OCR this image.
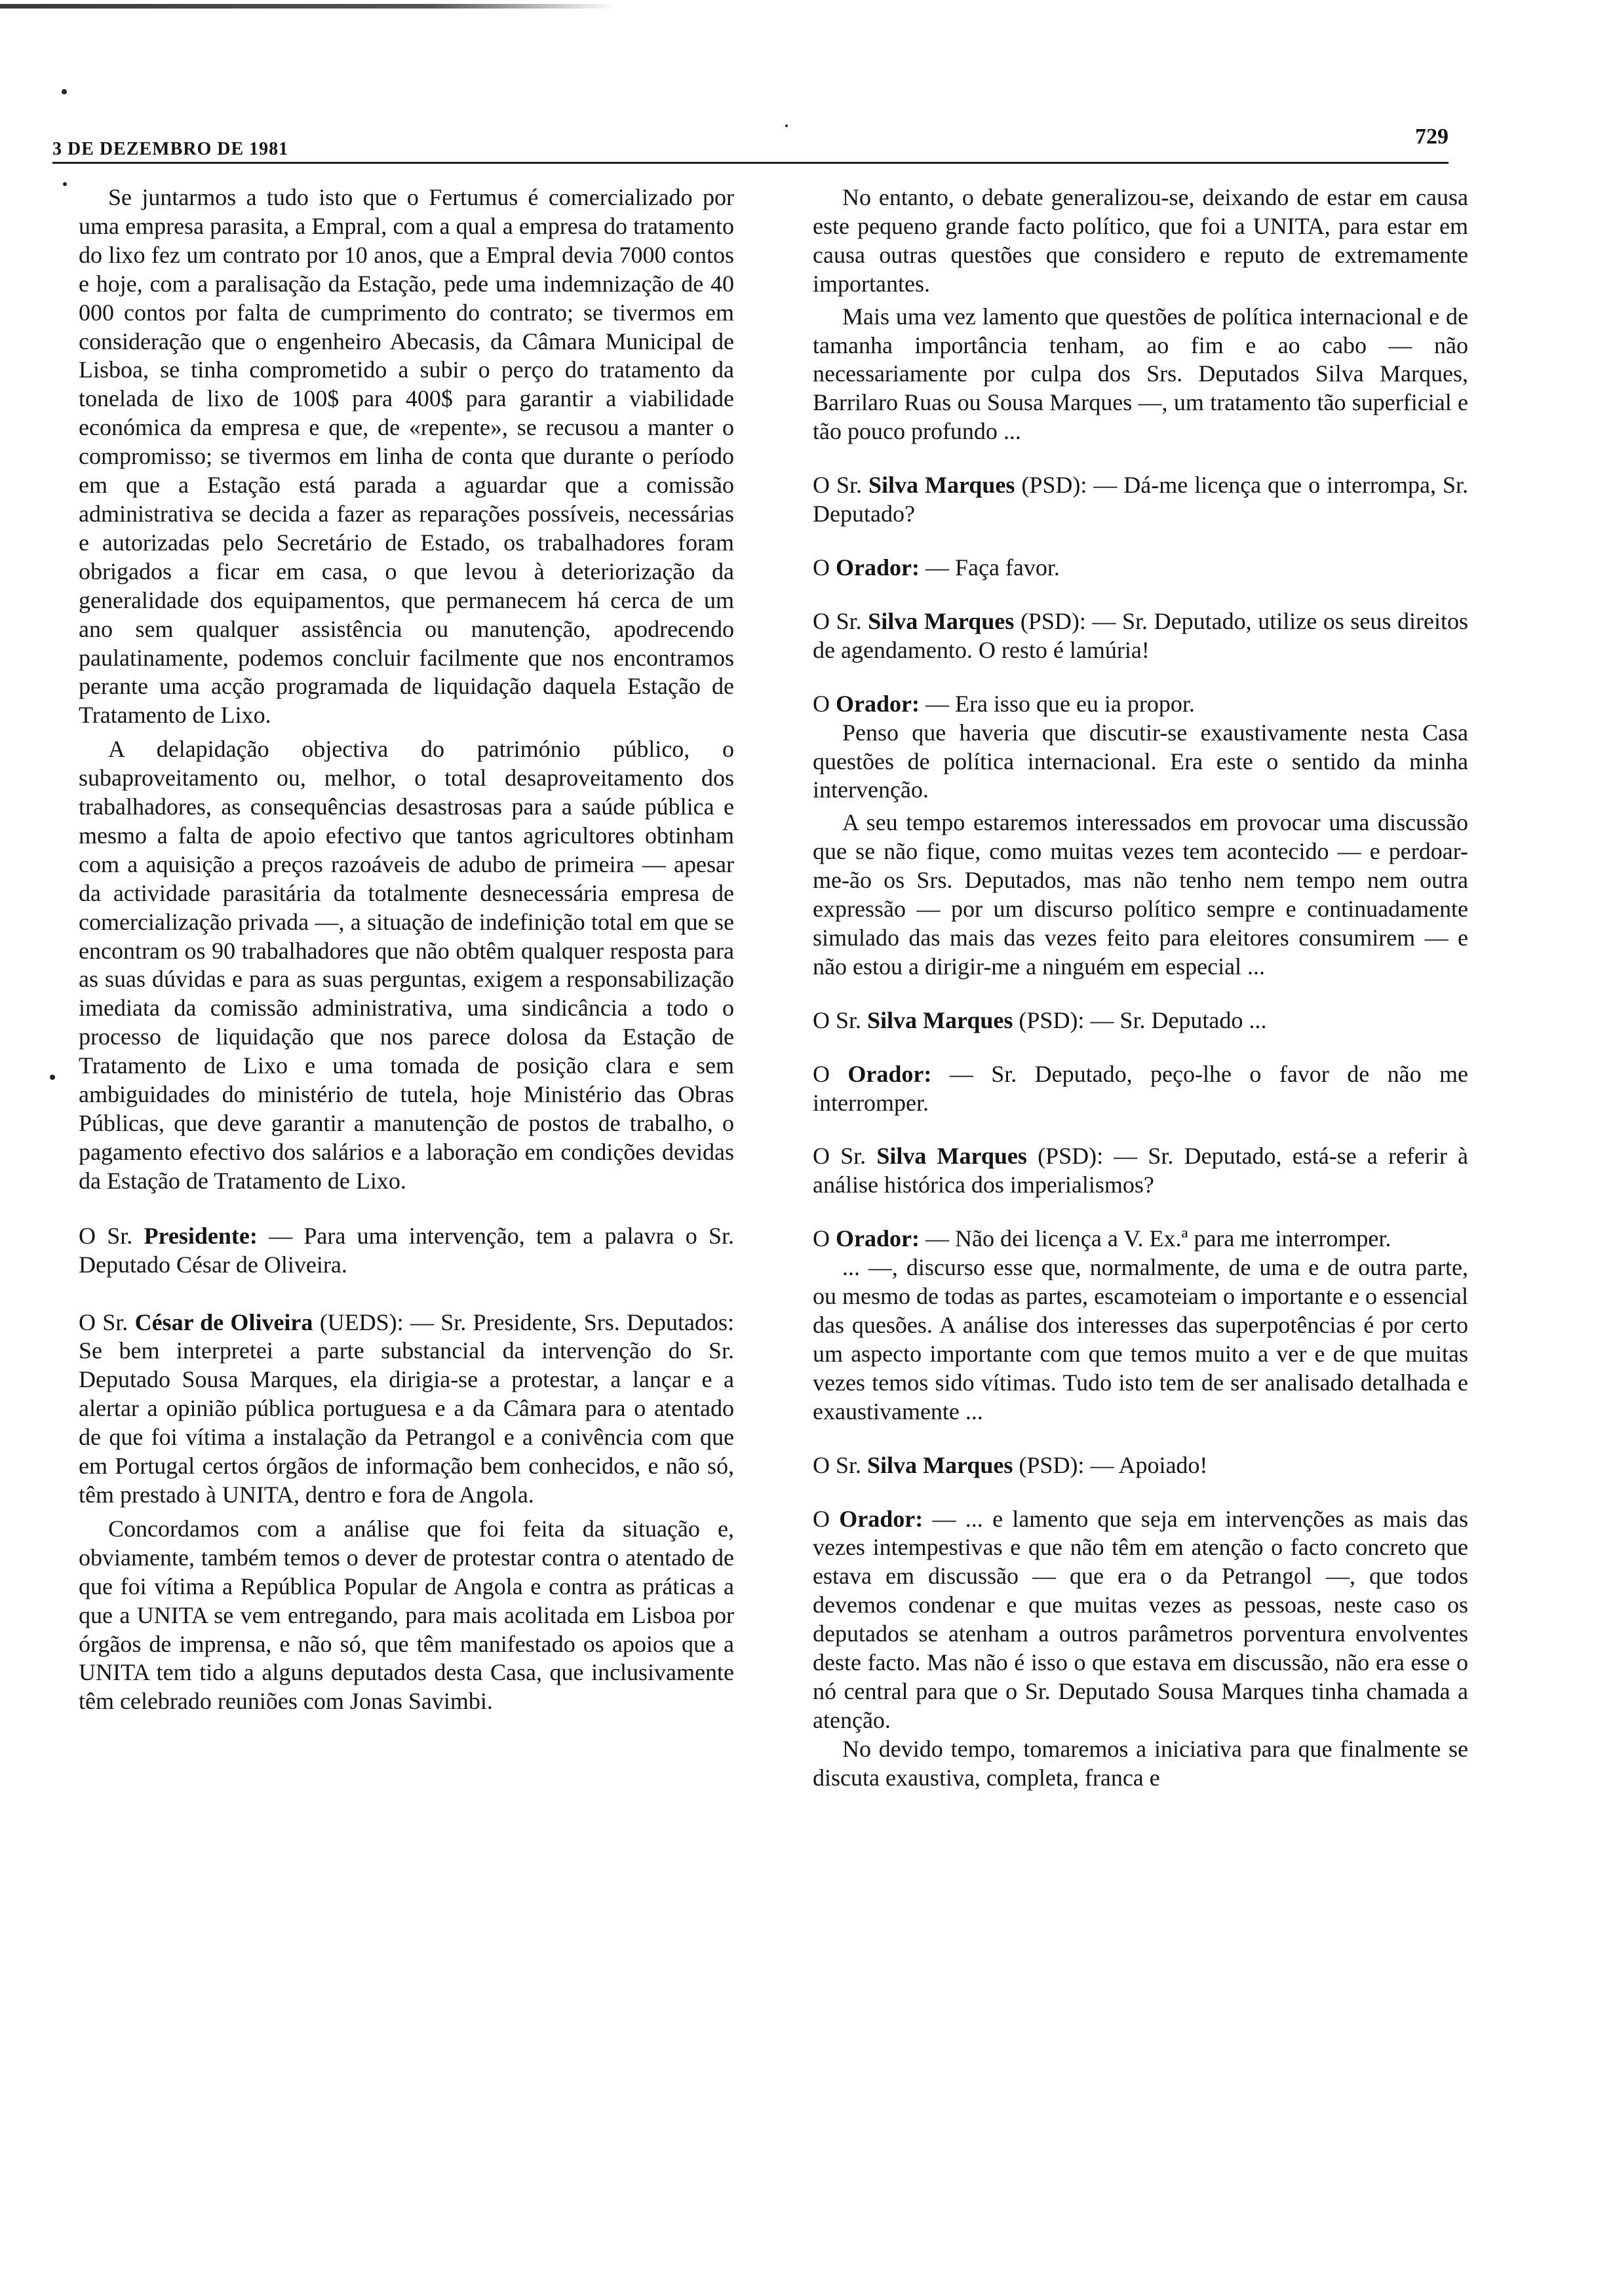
3 DE DEZEMBRO DE 1981
729

Se juntarmos a tudo isto que o Fertumus é comercializado por uma empresa parasita, a Empral, com a qual a empresa do tratamento do lixo fez um contrato por 10 anos, que a Empral devia 7000 contos e hoje, com a paralisação da Estação, pede uma indemnização de 40 000 contos por falta de cumprimento do contrato; se tivermos em consideração que o engenheiro Abecasis, da Câmara Municipal de Lisboa, se tinha comprometido a subir o perço do tratamento da tonelada de lixo de 100$ para 400$ para garantir a viabilidade económica da empresa e que, de «repente», se recusou a manter o compromisso; se tivermos em linha de conta que durante o período em que a Estação está parada a aguardar que a comissão administrativa se decida a fazer as reparações possíveis, necessárias e autorizadas pelo Secretário de Estado, os trabalhadores foram obrigados a ficar em casa, o que levou à deteriorização da generalidade dos equipamentos, que permanecem há cerca de um ano sem qualquer assistência ou manutenção, apodrecendo paulatinamente, podemos concluir facilmente que nos encontramos perante uma acção programada de liquidação daquela Estação de Tratamento de Lixo.

A delapidação objectiva do património público, o subaproveitamento ou, melhor, o total desaproveitamento dos trabalhadores, as consequências desastrosas para a saúde pública e mesmo a falta de apoio efectivo que tantos agricultores obtinham com a aquisição a preços razoáveis de adubo de primeira — apesar da actividade parasitária da totalmente desnecessária empresa de comercialização privada —, a situação de indefinição total em que se encontram os 90 trabalhadores que não obtêm qualquer resposta para as suas dúvidas e para as suas perguntas, exigem a responsabilização imediata da comissão administrativa, uma sindicância a todo o processo de liquidação que nos parece dolosa da Estação de Tratamento de Lixo e uma tomada de posição clara e sem ambiguidades do ministério de tutela, hoje Ministério das Obras Públicas, que deve garantir a manutenção de postos de trabalho, o pagamento efectivo dos salários e a laboração em condições devidas da Estação de Tratamento de Lixo.

O Sr. Presidente: — Para uma intervenção, tem a palavra o Sr. Deputado César de Oliveira.

O Sr. César de Oliveira (UEDS): — Sr. Presidente, Srs. Deputados: Se bem interpretei a parte substancial da intervenção do Sr. Deputado Sousa Marques, ela dirigia-se a protestar, a lançar e a alertar a opinião pública portuguesa e a da Câmara para o atentado de que foi vítima a instalação da Petrangol e a conivência com que em Portugal certos órgãos de informação bem conhecidos, e não só, têm prestado à UNITA, dentro e fora de Angola.

Concordamos com a análise que foi feita da situação e, obviamente, também temos o dever de protestar contra o atentado de que foi vítima a República Popular de Angola e contra as práticas a que a UNITA se vem entregando, para mais acolitada em Lisboa por órgãos de imprensa, e não só, que têm manifestado os apoios que a UNITA tem tido a alguns deputados desta Casa, que inclusivamente têm celebrado reuniões com Jonas Savimbi.

No entanto, o debate generalizou-se, deixando de estar em causa este pequeno grande facto político, que foi a UNITA, para estar em causa outras questões que considero e reputo de extremamente importantes.

Mais uma vez lamento que questões de política internacional e de tamanha importância tenham, ao fim e ao cabo — não necessariamente por culpa dos Srs. Deputados Silva Marques, Barrilaro Ruas ou Sousa Marques —, um tratamento tão superficial e tão pouco profundo ...

O Sr. Silva Marques (PSD): — Dá-me licença que o interrompa, Sr. Deputado?

O Orador: — Faça favor.

O Sr. Silva Marques (PSD): — Sr. Deputado, utilize os seus direitos de agendamento. O resto é lamúria!

O Orador: — Era isso que eu ia propor.

Penso que haveria que discutir-se exaustivamente nesta Casa questões de política internacional. Era este o sentido da minha intervenção.

A seu tempo estaremos interessados em provocar uma discussão que se não fique, como muitas vezes tem acontecido — e perdoar-me-ão os Srs. Deputados, mas não tenho nem tempo nem outra expressão — por um discurso político sempre e continuadamente simulado das mais das vezes feito para eleitores consumirem — e não estou a dirigir-me a ninguém em especial ...

O Sr. Silva Marques (PSD): — Sr. Deputado ...

O Orador: — Sr. Deputado, peço-lhe o favor de não me interromper.

O Sr. Silva Marques (PSD): — Sr. Deputado, está-se a referir à análise histórica dos imperialismos?

O Orador: — Não dei licença a V. Ex.ª para me interromper.

... —, discurso esse que, normalmente, de uma e de outra parte, ou mesmo de todas as partes, escamoteiam o importante e o essencial das quesões. A análise dos interesses das superpotências é por certo um aspecto importante com que temos muito a ver e de que muitas vezes temos sido vítimas. Tudo isto tem de ser analisado detalhada e exaustivamente ...

O Sr. Silva Marques (PSD): — Apoiado!

O Orador: — ... e lamento que seja em intervenções as mais das vezes intempestivas e que não têm em atenção o facto concreto que estava em discussão — que era o da Petrangol —, que todos devemos condenar e que muitas vezes as pessoas, neste caso os deputados se atenham a outros parâmetros porventura envolventes deste facto. Mas não é isso o que estava em discussão, não era esse o nó central para que o Sr. Deputado Sousa Marques tinha chamada a atenção.

No devido tempo, tomaremos a iniciativa para que finalmente se discuta exaustiva, completa, franca e
